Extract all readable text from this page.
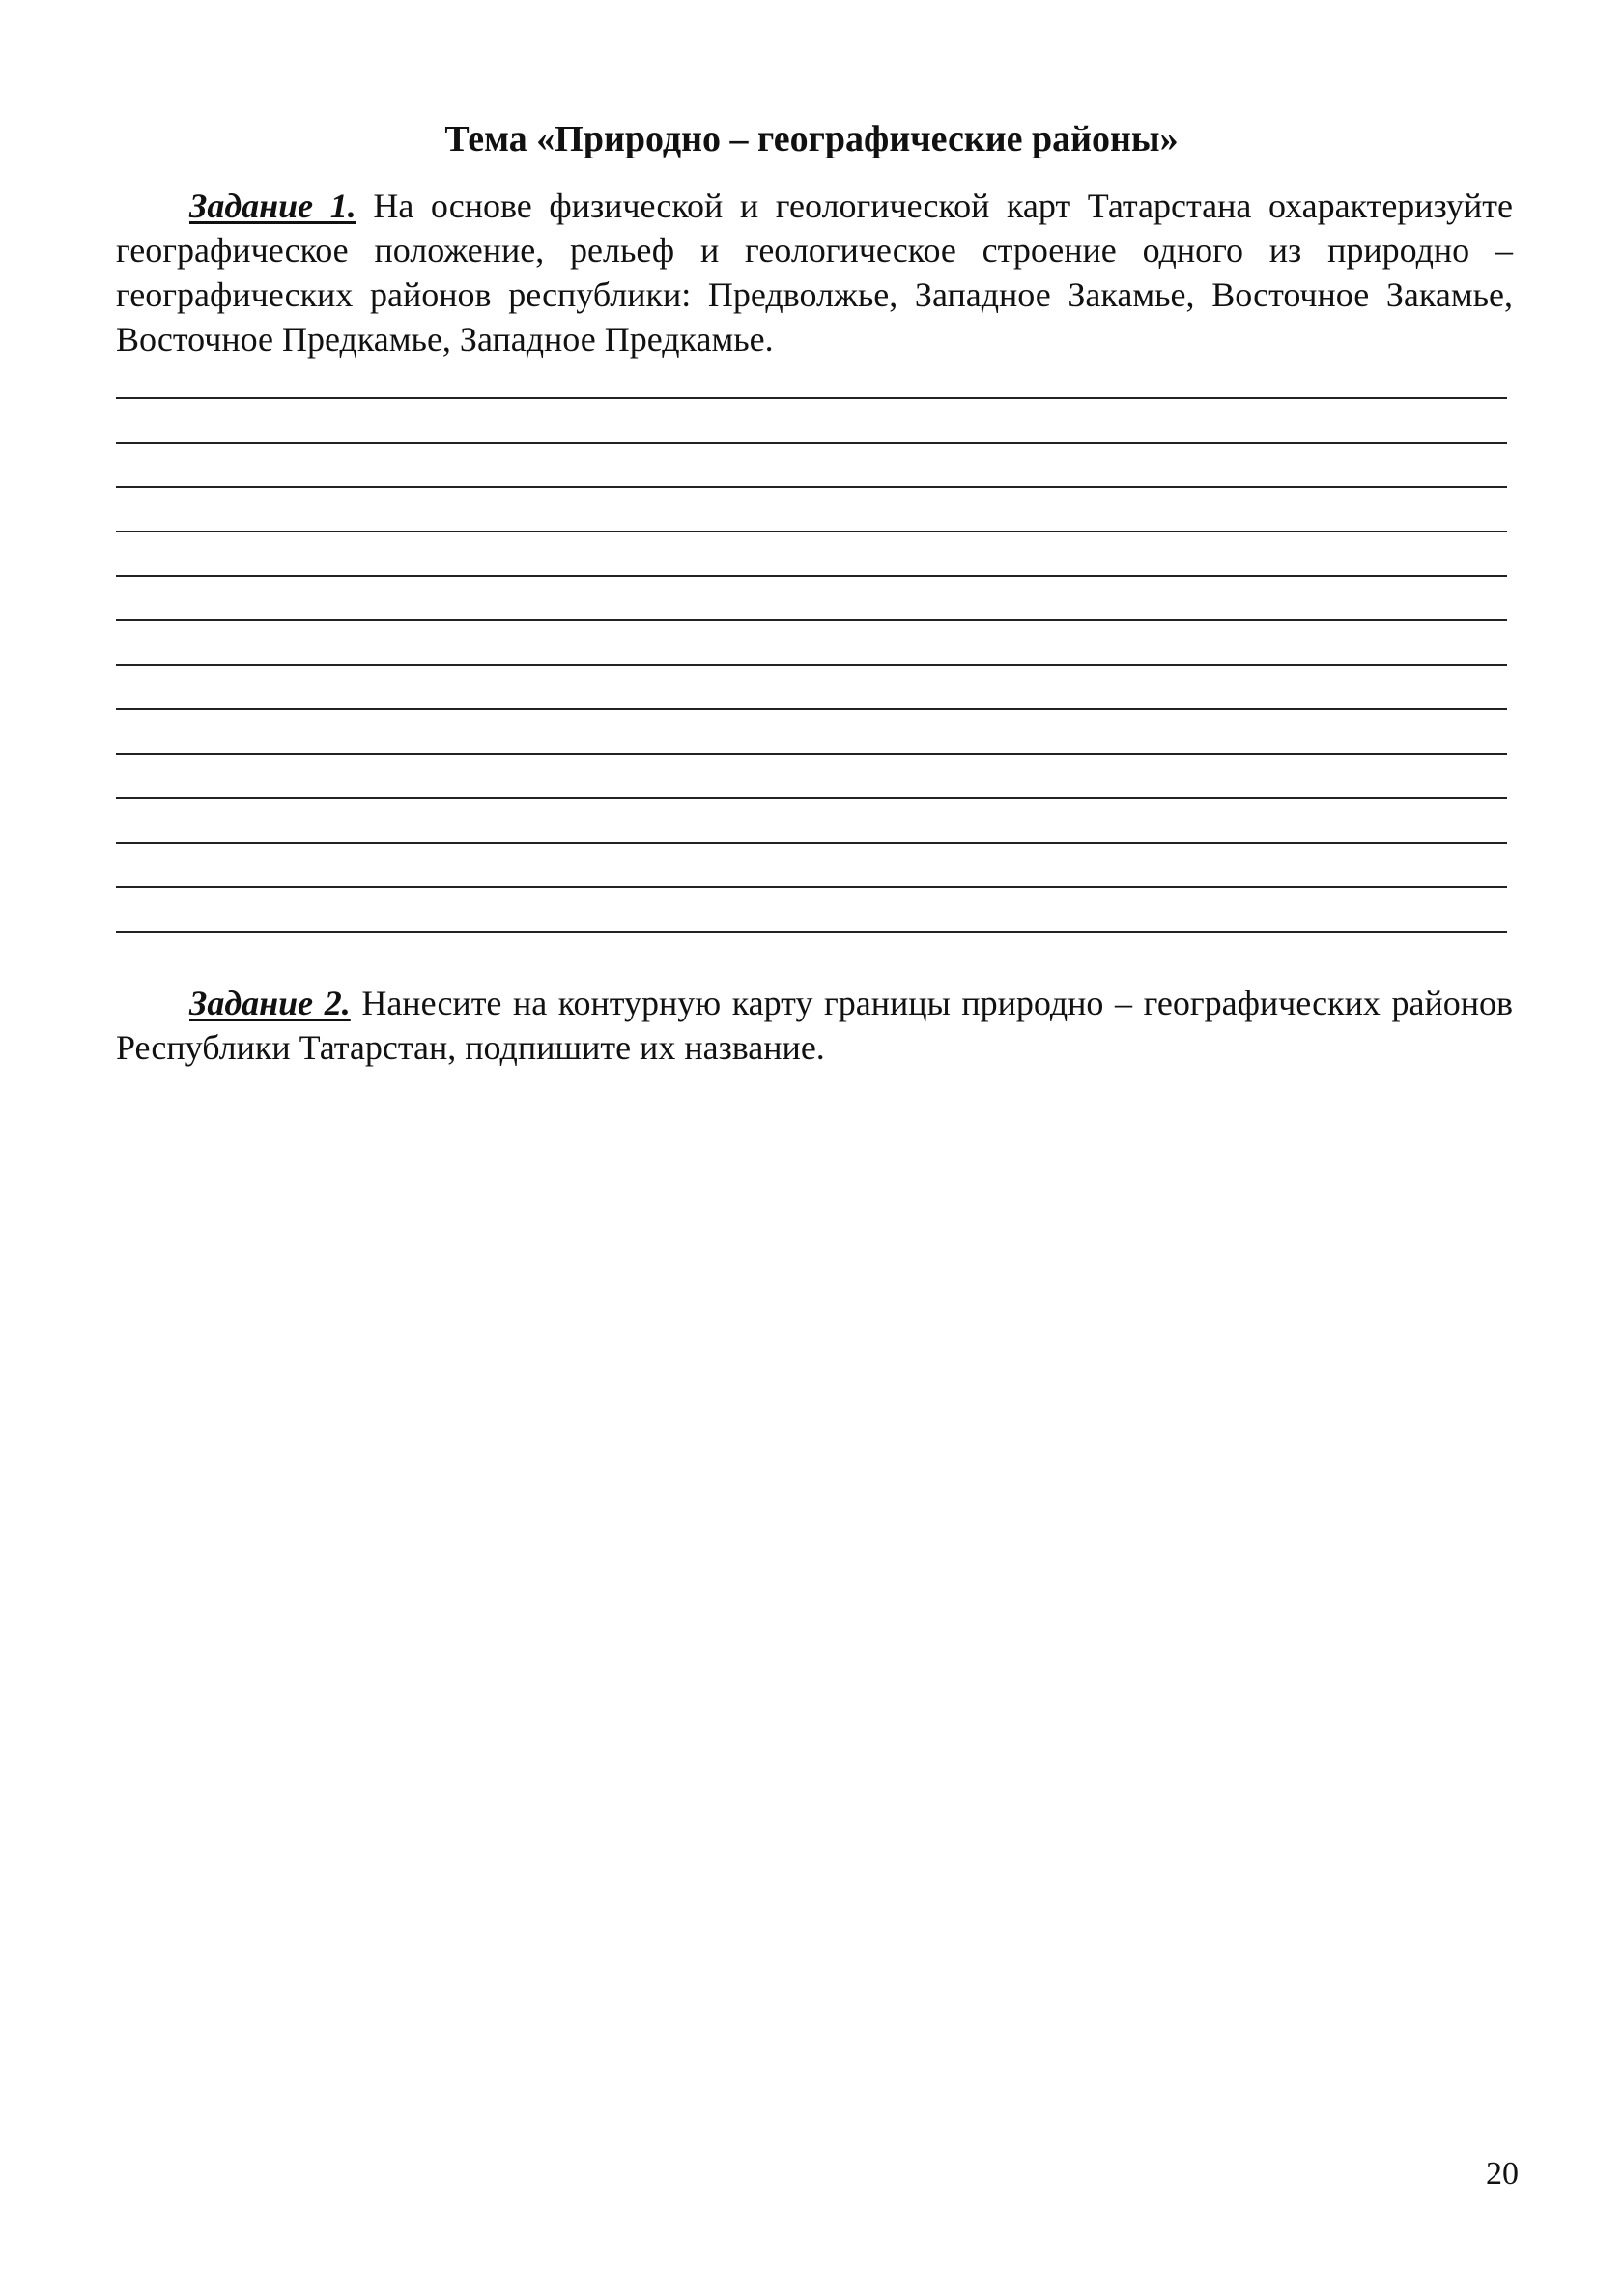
Тема «Природно – географические районы»

Задание 1. На основе физической и геологической карт Татарстана охарактеризуйте географическое положение, рельеф и геологическое строение одного из природно – географических районов республики: Предволжье, Западное Закамье, Восточное Закамье, Восточное Предкамье, Западное Предкамье.

Задание 2. Нанесите на контурную карту границы природно – географических районов Республики Татарстан, подпишите их название.

20
